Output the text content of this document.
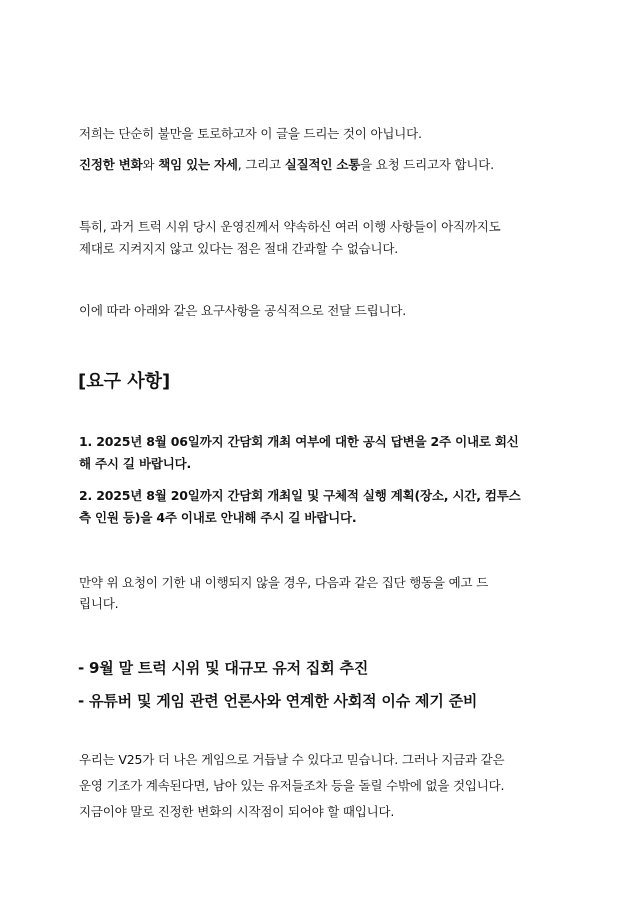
저희는 단순히 불만을 토로하고자 이 글을 드리는 것이 아닙니다.
진정한 변화와 책임 있는 자세, 그리고 실질적인 소통을 요청 드리고자 합니다.
특히, 과거 트럭 시위 당시 운영진께서 약속하신 여러 이행 사항들이 아직까지도
제대로 지켜지지 않고 있다는 점은 절대 간과할 수 없습니다.
이에 따라 아래와 같은 요구사항을 공식적으로 전달 드립니다.
[요구 사항]
1. 2025년 8월 06일까지 간담회 개최 여부에 대한 공식 답변을 2주 이내로 회신
해 주시 길 바랍니다.
2. 2025년 8월 20일까지 간담회 개최일 및 구체적 실행 계획(장소, 시간, 컴투스
측 인원 등)을 4주 이내로 안내해 주시 길 바랍니다.
만약 위 요청이 기한 내 이행되지 않을 경우, 다음과 같은 집단 행동을 예고 드
립니다.
- 9월 말 트럭 시위 및 대규모 유저 집회 추진
- 유튜버 및 게임 관련 언론사와 연계한 사회적 이슈 제기 준비
우리는 V25가 더 나은 게임으로 거듭날 수 있다고 믿습니다. 그러나 지금과 같은
운영 기조가 계속된다면, 남아 있는 유저들조차 등을 돌릴 수밖에 없을 것입니다.
지금이야 말로 진정한 변화의 시작점이 되어야 할 때입니다.
